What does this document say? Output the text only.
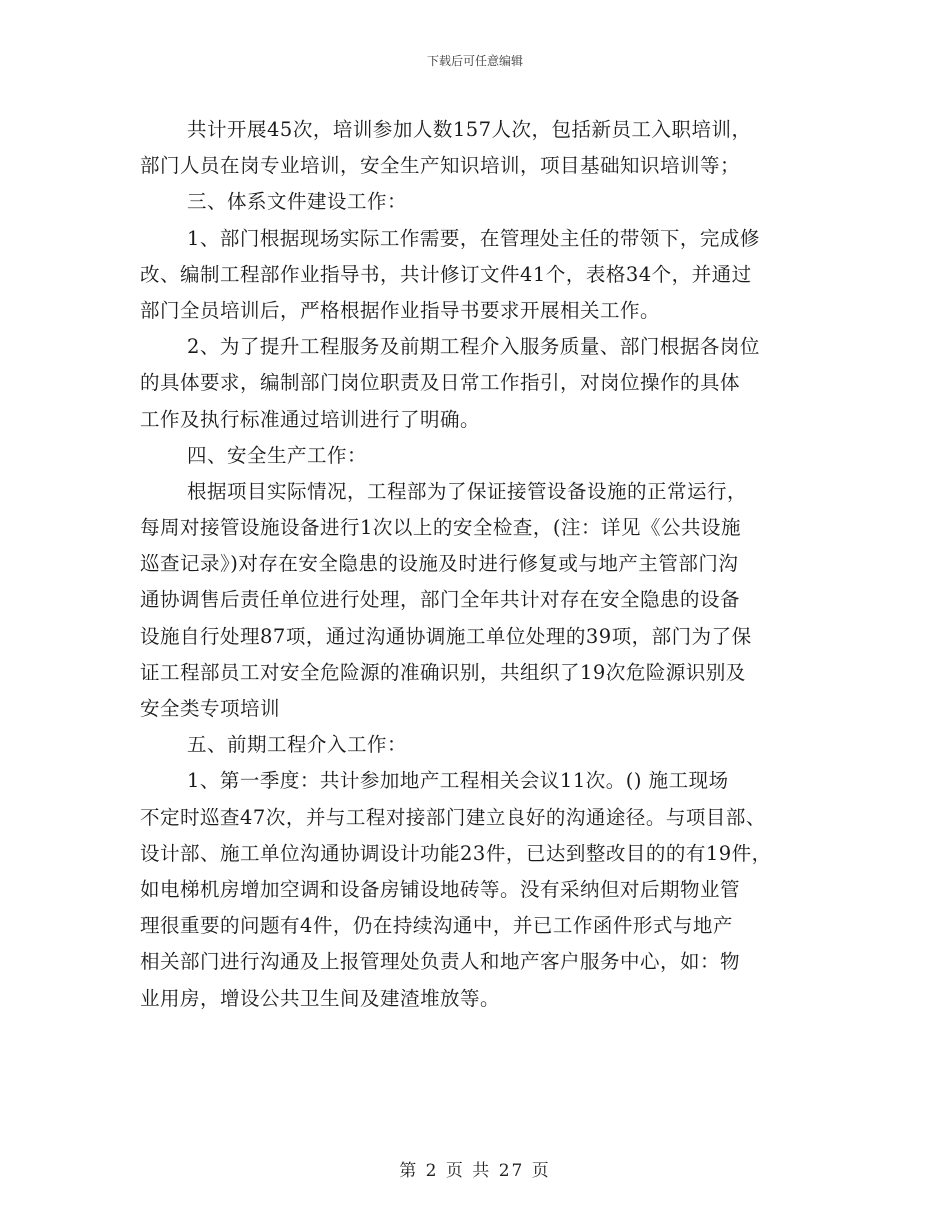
下载后可任意编辑
共计开展45次，培训参加人数157人次，包括新员工入职培训，
部门人员在岗专业培训，安全生产知识培训，项目基础知识培训等；
三、体系文件建设工作：
1、部门根据现场实际工作需要，在管理处主任的带领下，完成修
改、编制工程部作业指导书，共计修订文件41个，表格34个，并通过
部门全员培训后，严格根据作业指导书要求开展相关工作。
2、为了提升工程服务及前期工程介入服务质量、部门根据各岗位
的具体要求，编制部门岗位职责及日常工作指引，对岗位操作的具体
工作及执行标准通过培训进行了明确。
四、安全生产工作：
根据项目实际情况，工程部为了保证接管设备设施的正常运行，
每周对接管设施设备进行1次以上的安全检查，(注：详见《公共设施
巡查记录》)对存在安全隐患的设施及时进行修复或与地产主管部门沟
通协调售后责任单位进行处理，部门全年共计对存在安全隐患的设备
设施自行处理87项，通过沟通协调施工单位处理的39项，部门为了保
证工程部员工对安全危险源的准确识别，共组织了19次危险源识别及
安全类专项培训
五、前期工程介入工作：
1、第一季度：共计参加地产工程相关会议11次。() 施工现场
不定时巡查47次，并与工程对接部门建立良好的沟通途径。与项目部、
设计部、施工单位沟通协调设计功能23件，已达到整改目的的有19件，
如电梯机房增加空调和设备房铺设地砖等。没有采纳但对后期物业管
理很重要的问题有4件，仍在持续沟通中，并已工作函件形式与地产
相关部门进行沟通及上报管理处负责人和地产客户服务中心，如：物
业用房，增设公共卫生间及建渣堆放等。
第 2 页 共 27 页
